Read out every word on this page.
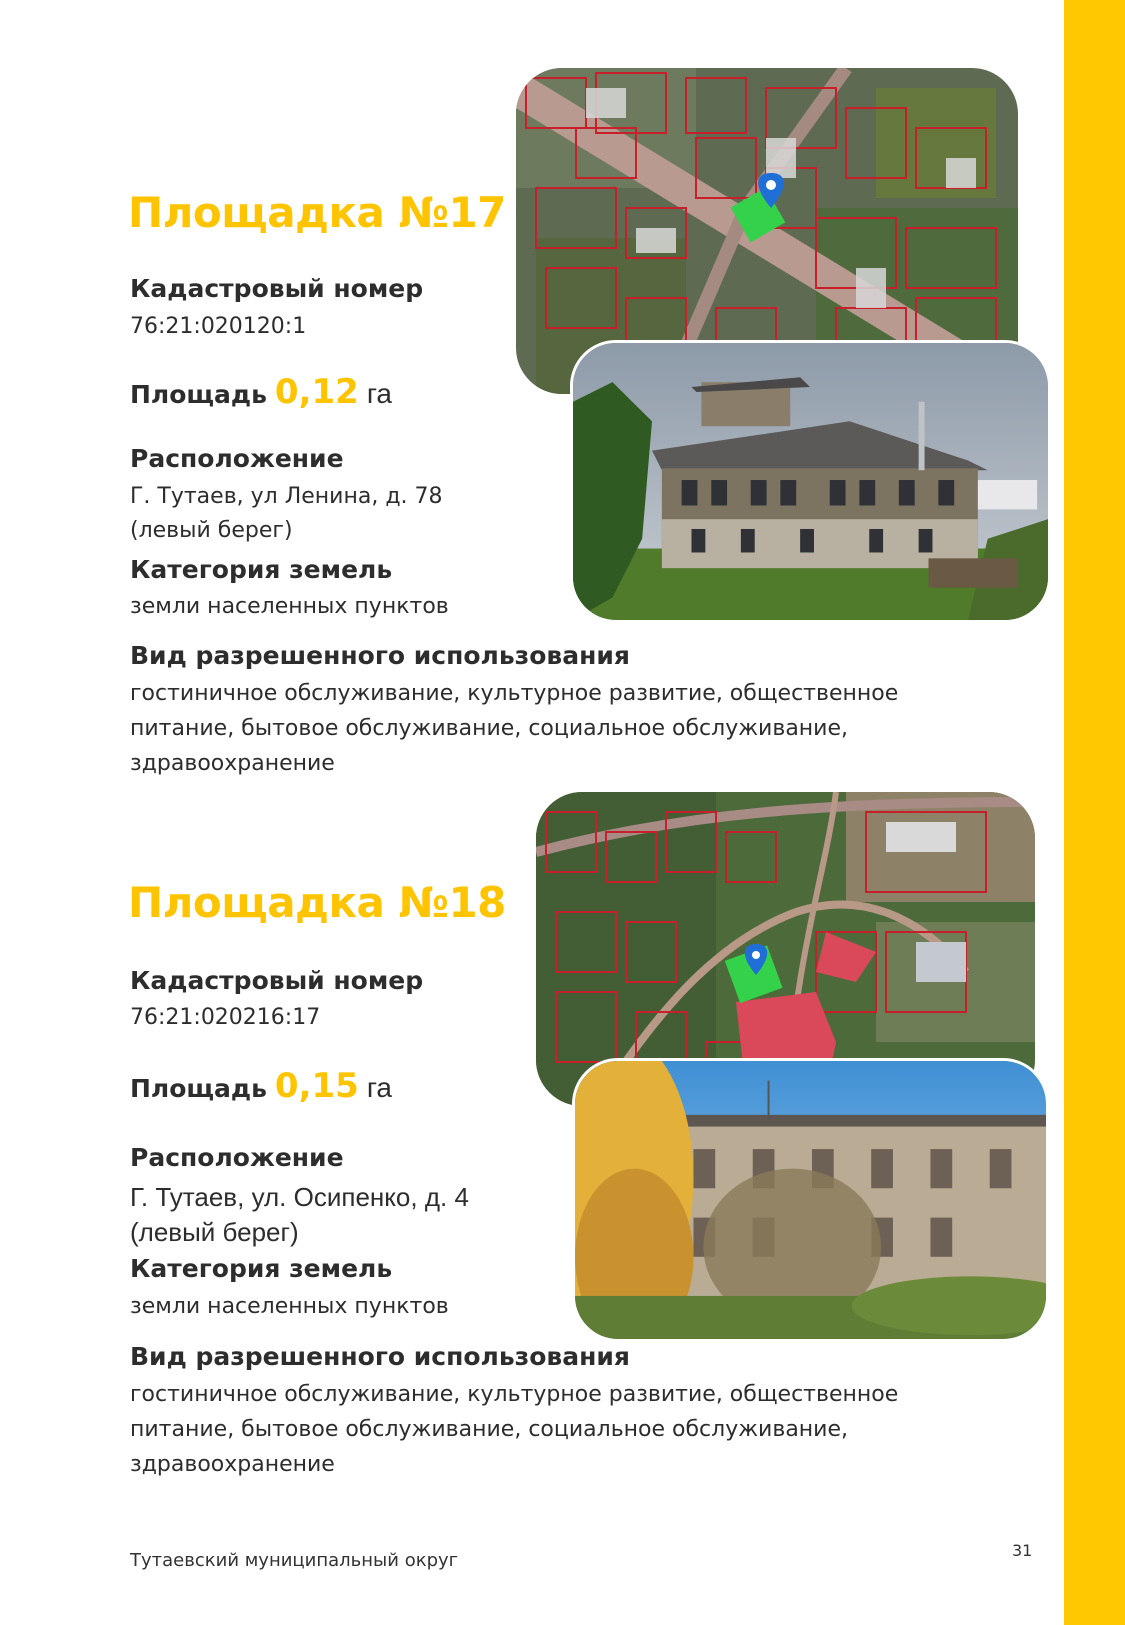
Площадка №17
Кадастровый номер
76:21:020120:1
Площадь 0,12 га
Расположение
Г. Тутаев, ул Ленина, д. 78
(левый берег)
Категория земель
земли населенных пунктов
Вид разрешенного использования
гостиничное обслуживание, культурное развитие, общественное питание, бытовое обслуживание, социальное обслуживание, здравоохранение
Площадка №18
Кадастровый номер
76:21:020216:17
Площадь 0,15 га
Расположение
Г. Тутаев, ул. Осипенко, д. 4
(левый берег)
Категория земель
земли населенных пунктов
Вид разрешенного использования
гостиничное обслуживание, культурное развитие, общественное питание, бытовое обслуживание, социальное обслуживание, здравоохранение
Тутаевский муниципальный округ	31
